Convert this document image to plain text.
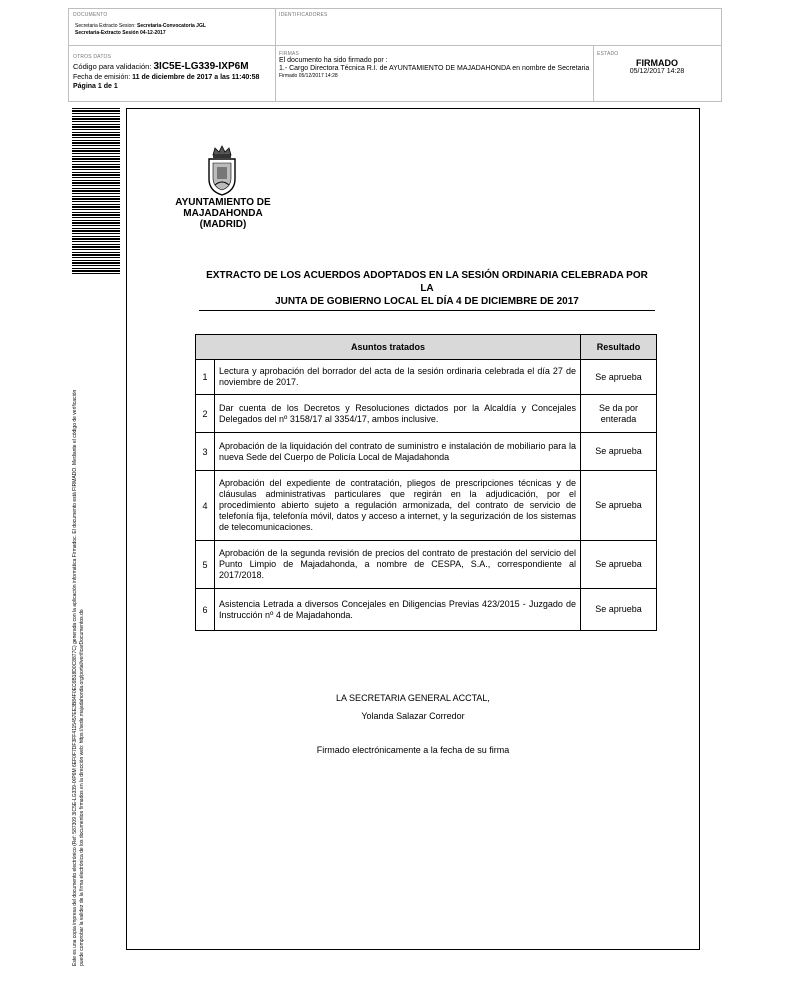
DOCUMENTO
Secretaria Extracto Sesion: Secretaria-Convocatoria JGL
Secretaria-Extracto Sesión 04-12-2017
IDENTIFICADORES
OTROS DATOS
Código para validación: 3IC5E-LG339-IXP6M
Fecha de emisión: 11 de diciembre de 2017 a las 11:40:58
Página 1 de 1
FIRMAS
El documento ha sido firmado por :
1.- Cargo Directora Técnica R.I. de AYUNTAMIENTO DE MAJADAHONDA en nombre de Secretaria
Firmado 05/12/2017 14:28
ESTADO
FIRMADO
05/12/2017 14:28
Este es una copia impresa del documento electrónico (Ref: 587309 3IC5E-LG339-IXP6M 6EF0F7DF3FF4115457EE3B84F0EC6B18D0C8877C) generada con la aplicación informática Firmadoc. El documento está FIRMADO. Mediante el código de verificación puede comprobar la validez de la firma electrónica de los documentos firmados en la dirección web: https://sede.majadahonda.org/portal/verificarDocumentos.do
AYUNTAMIENTO DE
MAJADAHONDA
(MADRID)
EXTRACTO DE LOS ACUERDOS ADOPTADOS EN LA SESIÓN ORDINARIA CELEBRADA POR LA
JUNTA DE GOBIERNO LOCAL EL DÍA 4 DE DICIEMBRE DE 2017
Asuntos tratados		Resultado
1	Lectura y aprobación del borrador del acta de la sesión ordinaria celebrada el día 27 de noviembre de 2017.	Se aprueba
2	Dar cuenta de los Decretos y Resoluciones dictados por la Alcaldía y Concejales Delegados del nº 3158/17 al 3354/17, ambos inclusive.	Se da por enterada
3	Aprobación de la liquidación del contrato de suministro e instalación de mobiliario para la nueva Sede del Cuerpo de Policía Local de Majadahonda	Se aprueba
4	Aprobación del expediente de contratación, pliegos de prescripciones técnicas y de cláusulas administrativas particulares que regirán en la adjudicación, por el procedimiento abierto sujeto a regulación armonizada, del contrato de servicio de telefonía fija, telefonía móvil, datos y acceso a internet, y la segurización de los sistemas de telecomunicaciones.	Se aprueba
5	Aprobación de la segunda revisión de precios del contrato de prestación del servicio del Punto Limpio de Majadahonda, a nombre de CESPA, S.A., correspondiente al 2017/2018.	Se aprueba
6	Asistencia Letrada a diversos Concejales en Diligencias Previas 423/2015 - Juzgado de Instrucción nº 4 de Majadahonda.	Se aprueba
LA SECRETARIA GENERAL ACCTAL,
Yolanda Salazar Corredor
Firmado electrónicamente a la fecha de su firma
